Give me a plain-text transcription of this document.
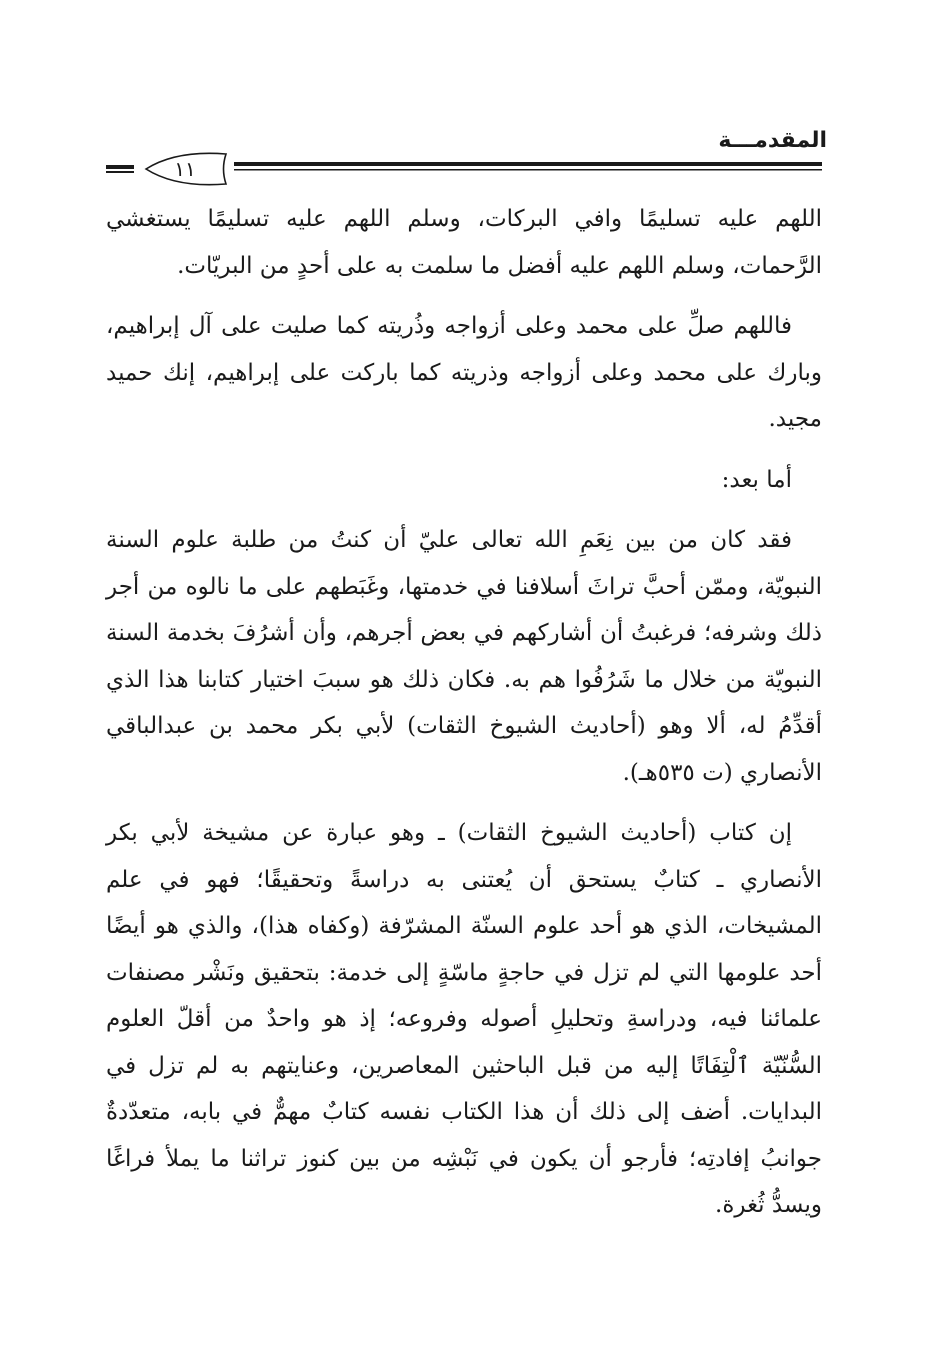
المقدمـــة
١١

اللهم عليه تسليمًا وافي البركات، وسلم اللهم عليه تسليمًا يستغشي الرَّحمات، وسلم اللهم عليه أفضل ما سلمت به على أحدٍ من البريّات.

فاللهم صلِّ على محمد وعلى أزواجه وذُريته كما صليت على آل إبراهيم، وبارك على محمد وعلى أزواجه وذريته كما باركت على إبراهيم، إنك حميد مجيد.

أما بعد:

فقد كان من بين نِعَمِ الله تعالى عليّ أن كنتُ من طلبة علوم السنة النبويّة، وممّن أحبَّ تراثَ أسلافنا في خدمتها، وغَبَطهم على ما نالوه من أجر ذلك وشرفه؛ فرغبتُ أن أشاركهم في بعض أجرهم، وأن أشرُفَ بخدمة السنة النبويّة من خلال ما شَرُفُوا هم به. فكان ذلك هو سببَ اختيار كتابنا هذا الذي أقدِّمُ له، ألا وهو (أحاديث الشيوخ الثقات) لأبي بكر محمد بن عبدالباقي الأنصاري (ت ٥٣٥هـ).

إن كتاب (أحاديث الشيوخ الثقات) ـ وهو عبارة عن مشيخة لأبي بكر الأنصاري ـ كتابٌ يستحق أن يُعتنى به دراسةً وتحقيقًا؛ فهو في علم المشيخات، الذي هو أحد علوم السنّة المشرّفة (وكفاه هذا)، والذي هو أيضًا أحد علومها التي لم تزل في حاجةٍ ماسّةٍ إلى خدمة: بتحقيق ونَشْر مصنفات علمائنا فيه، ودراسةِ وتحليلِ أصوله وفروعه؛ إذ هو واحدٌ من أقلّ العلوم السُّنّيّة ٱلْتِفَاتًا إليه من قبل الباحثين المعاصرين، وعنايتهم به لم تزل في البدايات. أضف إلى ذلك أن هذا الكتاب نفسه كتابٌ مهمٌّ في بابه، متعدّدةٌ جوانبُ إفادتِه؛ فأرجو أن يكون في نَبْشِه من بين كنوز تراثنا ما يملأ فراغًا ويسدُّ ثُغرة.
